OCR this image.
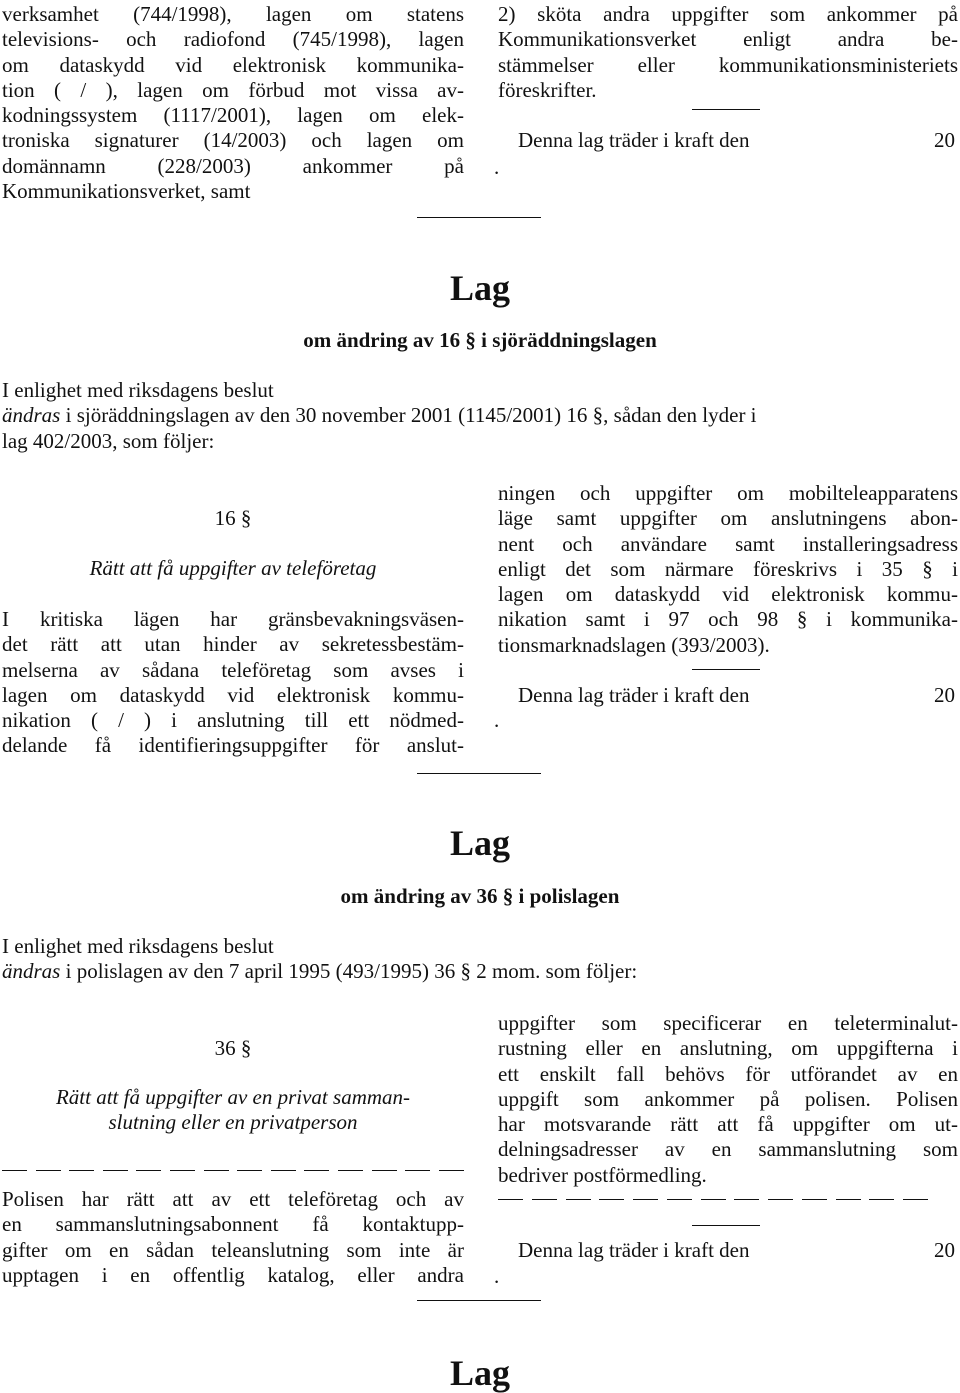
verksamhet (744/1998), lagen om statens
televisions- och radiofond (745/1998), lagen
om dataskydd vid elektronisk kommunika-
tion ( / ), lagen om förbud mot vissa av-
kodningssystem (1117/2001), lagen om elek-
troniska signaturer (14/2003) och lagen om
domännamn (228/2003) ankommer på
Kommunikationsverket, samt
2) sköta andra uppgifter som ankommer på
Kommunikationsverket enligt andra be-
stämmelser eller kommunikationsministeriets
föreskrifter.
Denna lag träder i kraft den	20
.
Lag
om ändring av 16 § i sjöräddningslagen
I enlighet med riksdagens beslut
ändras i sjöräddningslagen av den 30 november 2001 (1145/2001) 16 §, sådan den lyder i
lag 402/2003, som följer:
16 §
Rätt att få uppgifter av teleföretag
I kritiska lägen har gränsbevakningsväsen-
det rätt att utan hinder av sekretessbestäm-
melserna av sådana teleföretag som avses i
lagen om dataskydd vid elektronisk kommu-
nikation ( / ) i anslutning till ett nödmed-
delande få identifieringsuppgifter för anslut-
ningen och uppgifter om mobilteleapparatens
läge samt uppgifter om anslutningens abon-
nent och användare samt installeringsadress
enligt det som närmare föreskrivs i 35 § i
lagen om dataskydd vid elektronisk kommu-
nikation samt i 97 och 98 § i kommunika-
tionsmarknadslagen (393/2003).
Denna lag träder i kraft den	20
.
Lag
om ändring av 36 § i polislagen
I enlighet med riksdagens beslut
ändras i polislagen av den 7 april 1995 (493/1995) 36 § 2 mom. som följer:
36 §
Rätt att få uppgifter av en privat samman-
slutning eller en privatperson
Polisen har rätt att av ett teleföretag och av
en sammanslutningsabonnent få kontaktupp-
gifter om en sådan teleanslutning som inte är
upptagen i en offentlig katalog, eller andra
uppgifter som specificerar en teleterminalut-
rustning eller en anslutning, om uppgifterna i
ett enskilt fall behövs för utförandet av en
uppgift som ankommer på polisen. Polisen
har motsvarande rätt att få uppgifter om ut-
delningsadresser av en sammanslutning som
bedriver postförmedling.
Denna lag träder i kraft den	20
.
Lag
